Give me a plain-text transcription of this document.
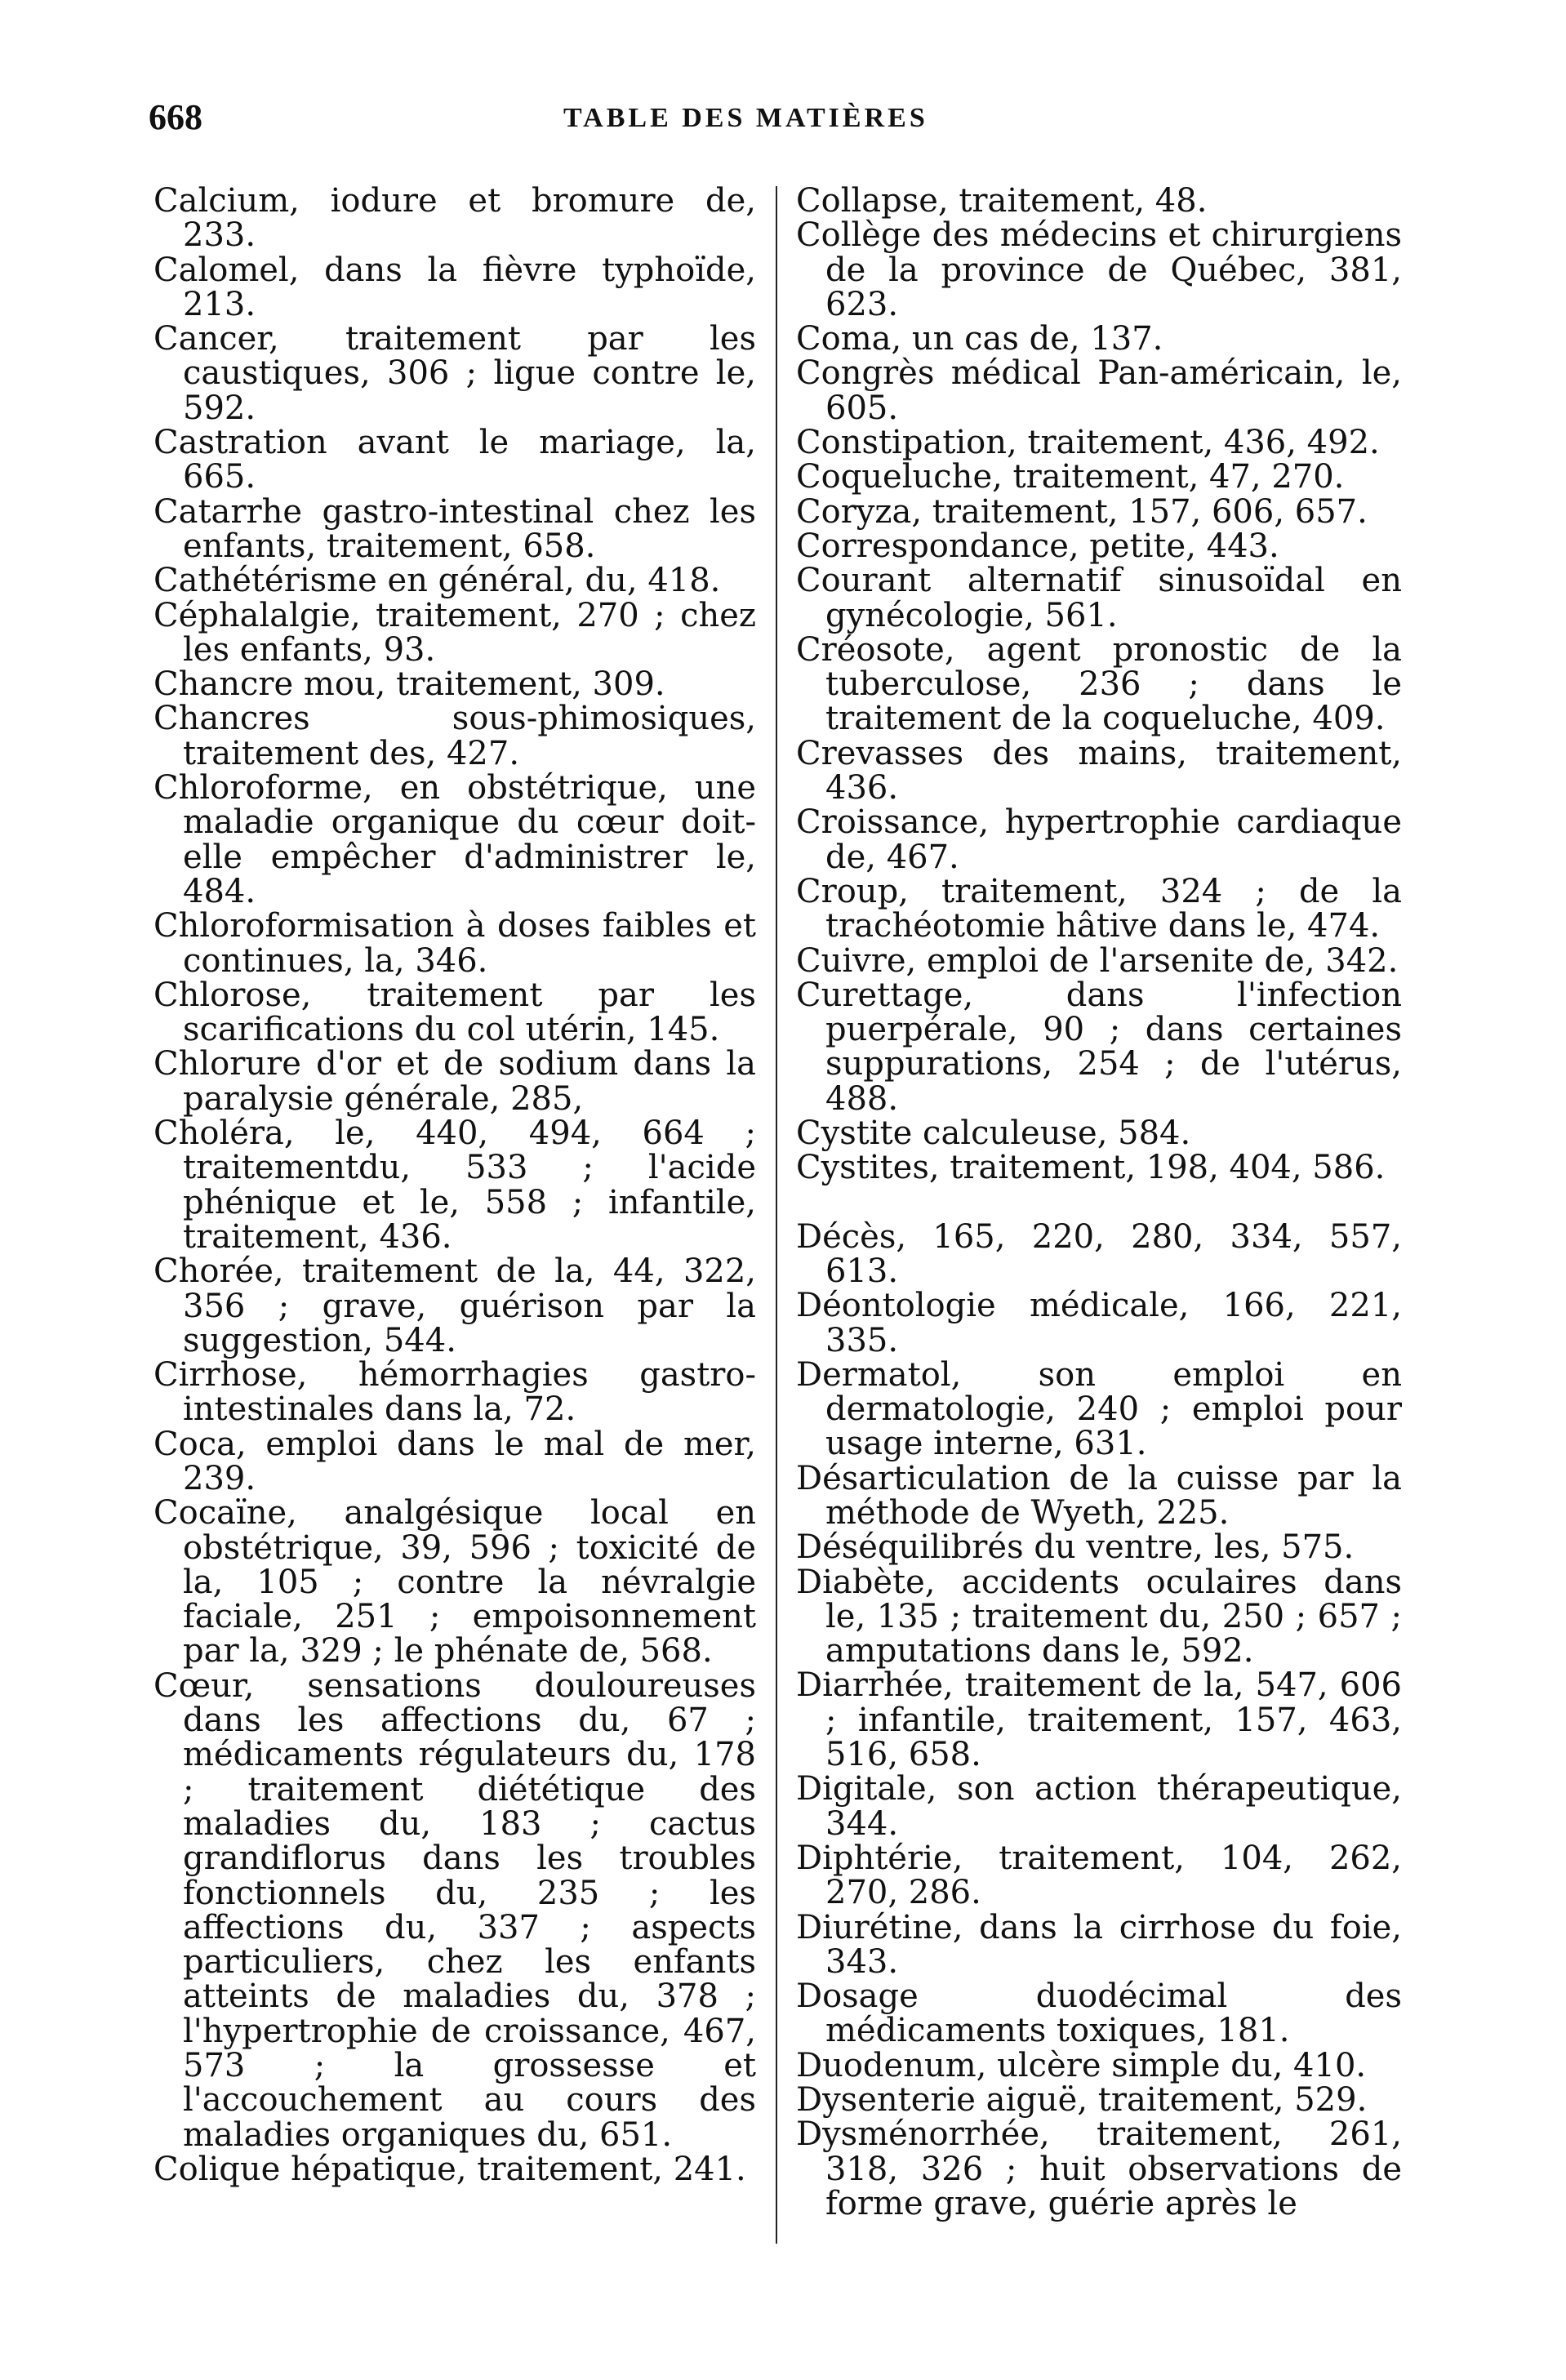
668	TABLE DES MATIÈRES

Calcium, iodure et bromure de, 233.

Calomel, dans la fièvre typhoïde, 213.

Cancer, traitement par les caustiques, 306 ; ligue contre le, 592.

Castration avant le mariage, la, 665.

Catarrhe gastro-intestinal chez les enfants, traitement, 658.

Cathétérisme en général, du, 418.

Céphalalgie, traitement, 270 ; chez les enfants, 93.

Chancre mou, traitement, 309.

Chancres sous-phimosiques, traitement des, 427.

Chloroforme, en obstétrique, une maladie organique du cœur doit-elle empêcher d'administrer le, 484.

Chloroformisation à doses faibles et continues, la, 346.

Chlorose, traitement par les scarifications du col utérin, 145.

Chlorure d'or et de sodium dans la paralysie générale, 285,

Choléra, le, 440, 494, 664 ; traitementdu, 533 ; l'acide phénique et le, 558 ; infantile, traitement, 436.

Chorée, traitement de la, 44, 322, 356 ; grave, guérison par la suggestion, 544.

Cirrhose, hémorrhagies gastro-intestinales dans la, 72.

Coca, emploi dans le mal de mer, 239.

Cocaïne, analgésique local en obstétrique, 39, 596 ; toxicité de la, 105 ; contre la névralgie faciale, 251 ; empoisonnement par la, 329 ; le phénate de, 568.

Cœur, sensations douloureuses dans les affections du, 67 ; médicaments régulateurs du, 178 ; traitement diététique des maladies du, 183 ; cactus grandiflorus dans les troubles fonctionnels du, 235 ; les affections du, 337 ; aspects particuliers, chez les enfants atteints de maladies du, 378 ; l'hypertrophie de croissance, 467, 573 ; la grossesse et l'accouchement au cours des maladies organiques du, 651.

Colique hépatique, traitement, 241.

Collapse, traitement, 48.

Collège des médecins et chirurgiens de la province de Québec, 381, 623.

Coma, un cas de, 137.

Congrès médical Pan-américain, le, 605.

Constipation, traitement, 436, 492.

Coqueluche, traitement, 47, 270.

Coryza, traitement, 157, 606, 657.

Correspondance, petite, 443.

Courant alternatif sinusoïdal en gynécologie, 561.

Créosote, agent pronostic de la tuberculose, 236 ; dans le traitement de la coqueluche, 409.

Crevasses des mains, traitement, 436.

Croissance, hypertrophie cardiaque de, 467.

Croup, traitement, 324 ; de la trachéotomie hâtive dans le, 474.

Cuivre, emploi de l'arsenite de, 342.

Curettage, dans l'infection puerpérale, 90 ; dans certaines suppurations, 254 ; de l'utérus, 488.

Cystite calculeuse, 584.

Cystites, traitement, 198, 404, 586.

Décès, 165, 220, 280, 334, 557, 613.

Déontologie médicale, 166, 221, 335.

Dermatol, son emploi en dermatologie, 240 ; emploi pour usage interne, 631.

Désarticulation de la cuisse par la méthode de Wyeth, 225.

Déséquilibrés du ventre, les, 575.

Diabète, accidents oculaires dans le, 135 ; traitement du, 250 ; 657 ; amputations dans le, 592.

Diarrhée, traitement de la, 547, 606 ; infantile, traitement, 157, 463, 516, 658.

Digitale, son action thérapeutique, 344.

Diphtérie, traitement, 104, 262, 270, 286.

Diurétine, dans la cirrhose du foie, 343.

Dosage duodécimal des médicaments toxiques, 181.

Duodenum, ulcère simple du, 410.

Dysenterie aiguë, traitement, 529.

Dysménorrhée, traitement, 261, 318, 326 ; huit observations de forme grave, guérie après le
